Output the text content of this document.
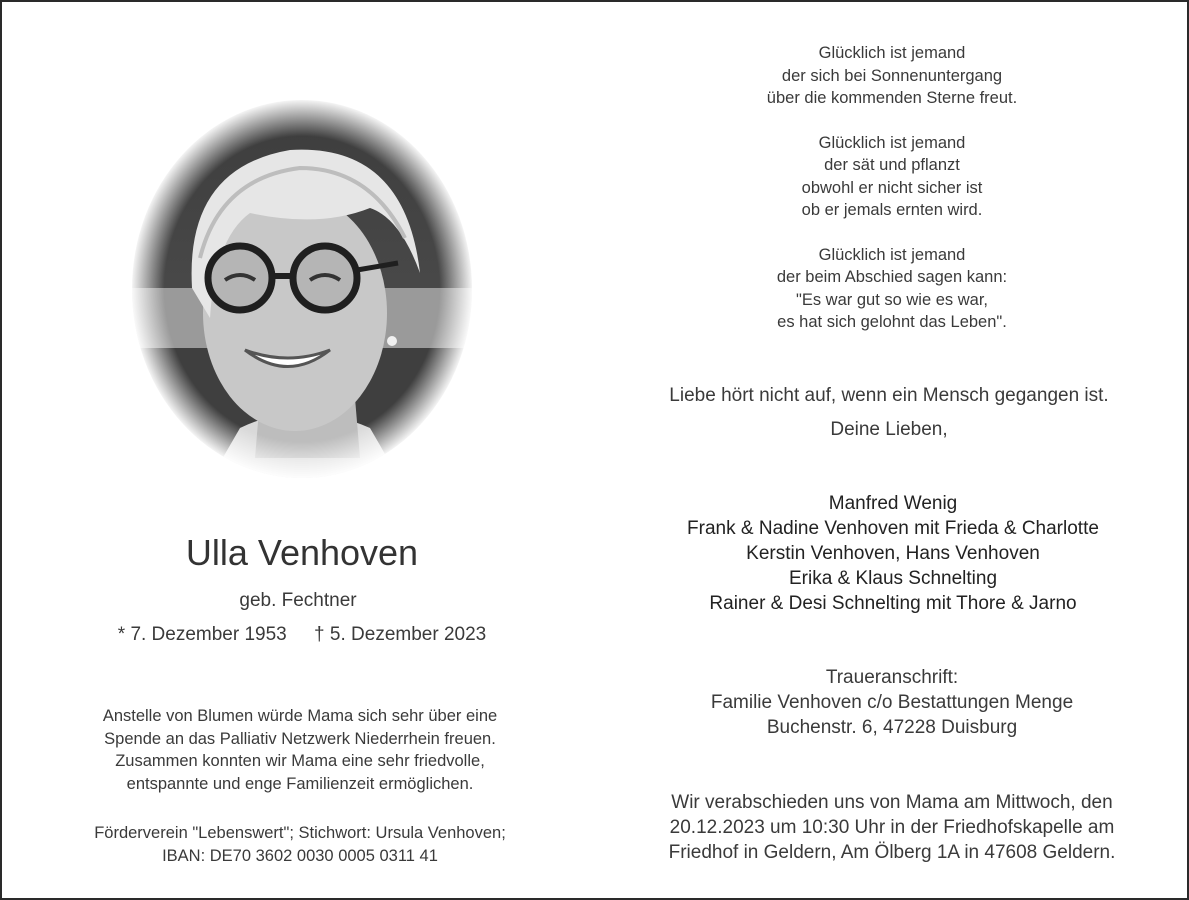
Ulla Venhoven
geb. Fechtner
* 7. Dezember 1953 † 5. Dezember 2023
Anstelle von Blumen würde Mama sich sehr über eine
Spende an das Palliativ Netzwerk Niederrhein freuen.
Zusammen konnten wir Mama eine sehr friedvolle,
entspannte und enge Familienzeit ermöglichen.
Förderverein "Lebenswert"; Stichwort: Ursula Venhoven;
IBAN: DE70 3602 0030 0005 0311 41
Glücklich ist jemand
der sich bei Sonnenuntergang
über die kommenden Sterne freut.
Glücklich ist jemand
der sät und pflanzt
obwohl er nicht sicher ist
ob er jemals ernten wird.
Glücklich ist jemand
der beim Abschied sagen kann:
"Es war gut so wie es war,
es hat sich gelohnt das Leben".
Liebe hört nicht auf, wenn ein Mensch gegangen ist.
Deine Lieben,
Manfred Wenig
Frank & Nadine Venhoven mit Frieda & Charlotte
Kerstin Venhoven, Hans Venhoven
Erika & Klaus Schnelting
Rainer & Desi Schnelting mit Thore & Jarno
Traueranschrift:
Familie Venhoven c/o Bestattungen Menge
Buchenstr. 6, 47228 Duisburg
Wir verabschieden uns von Mama am Mittwoch, den
20.12.2023 um 10:30 Uhr in der Friedhofskapelle am
Friedhof in Geldern, Am Ölberg 1A in 47608 Geldern.
